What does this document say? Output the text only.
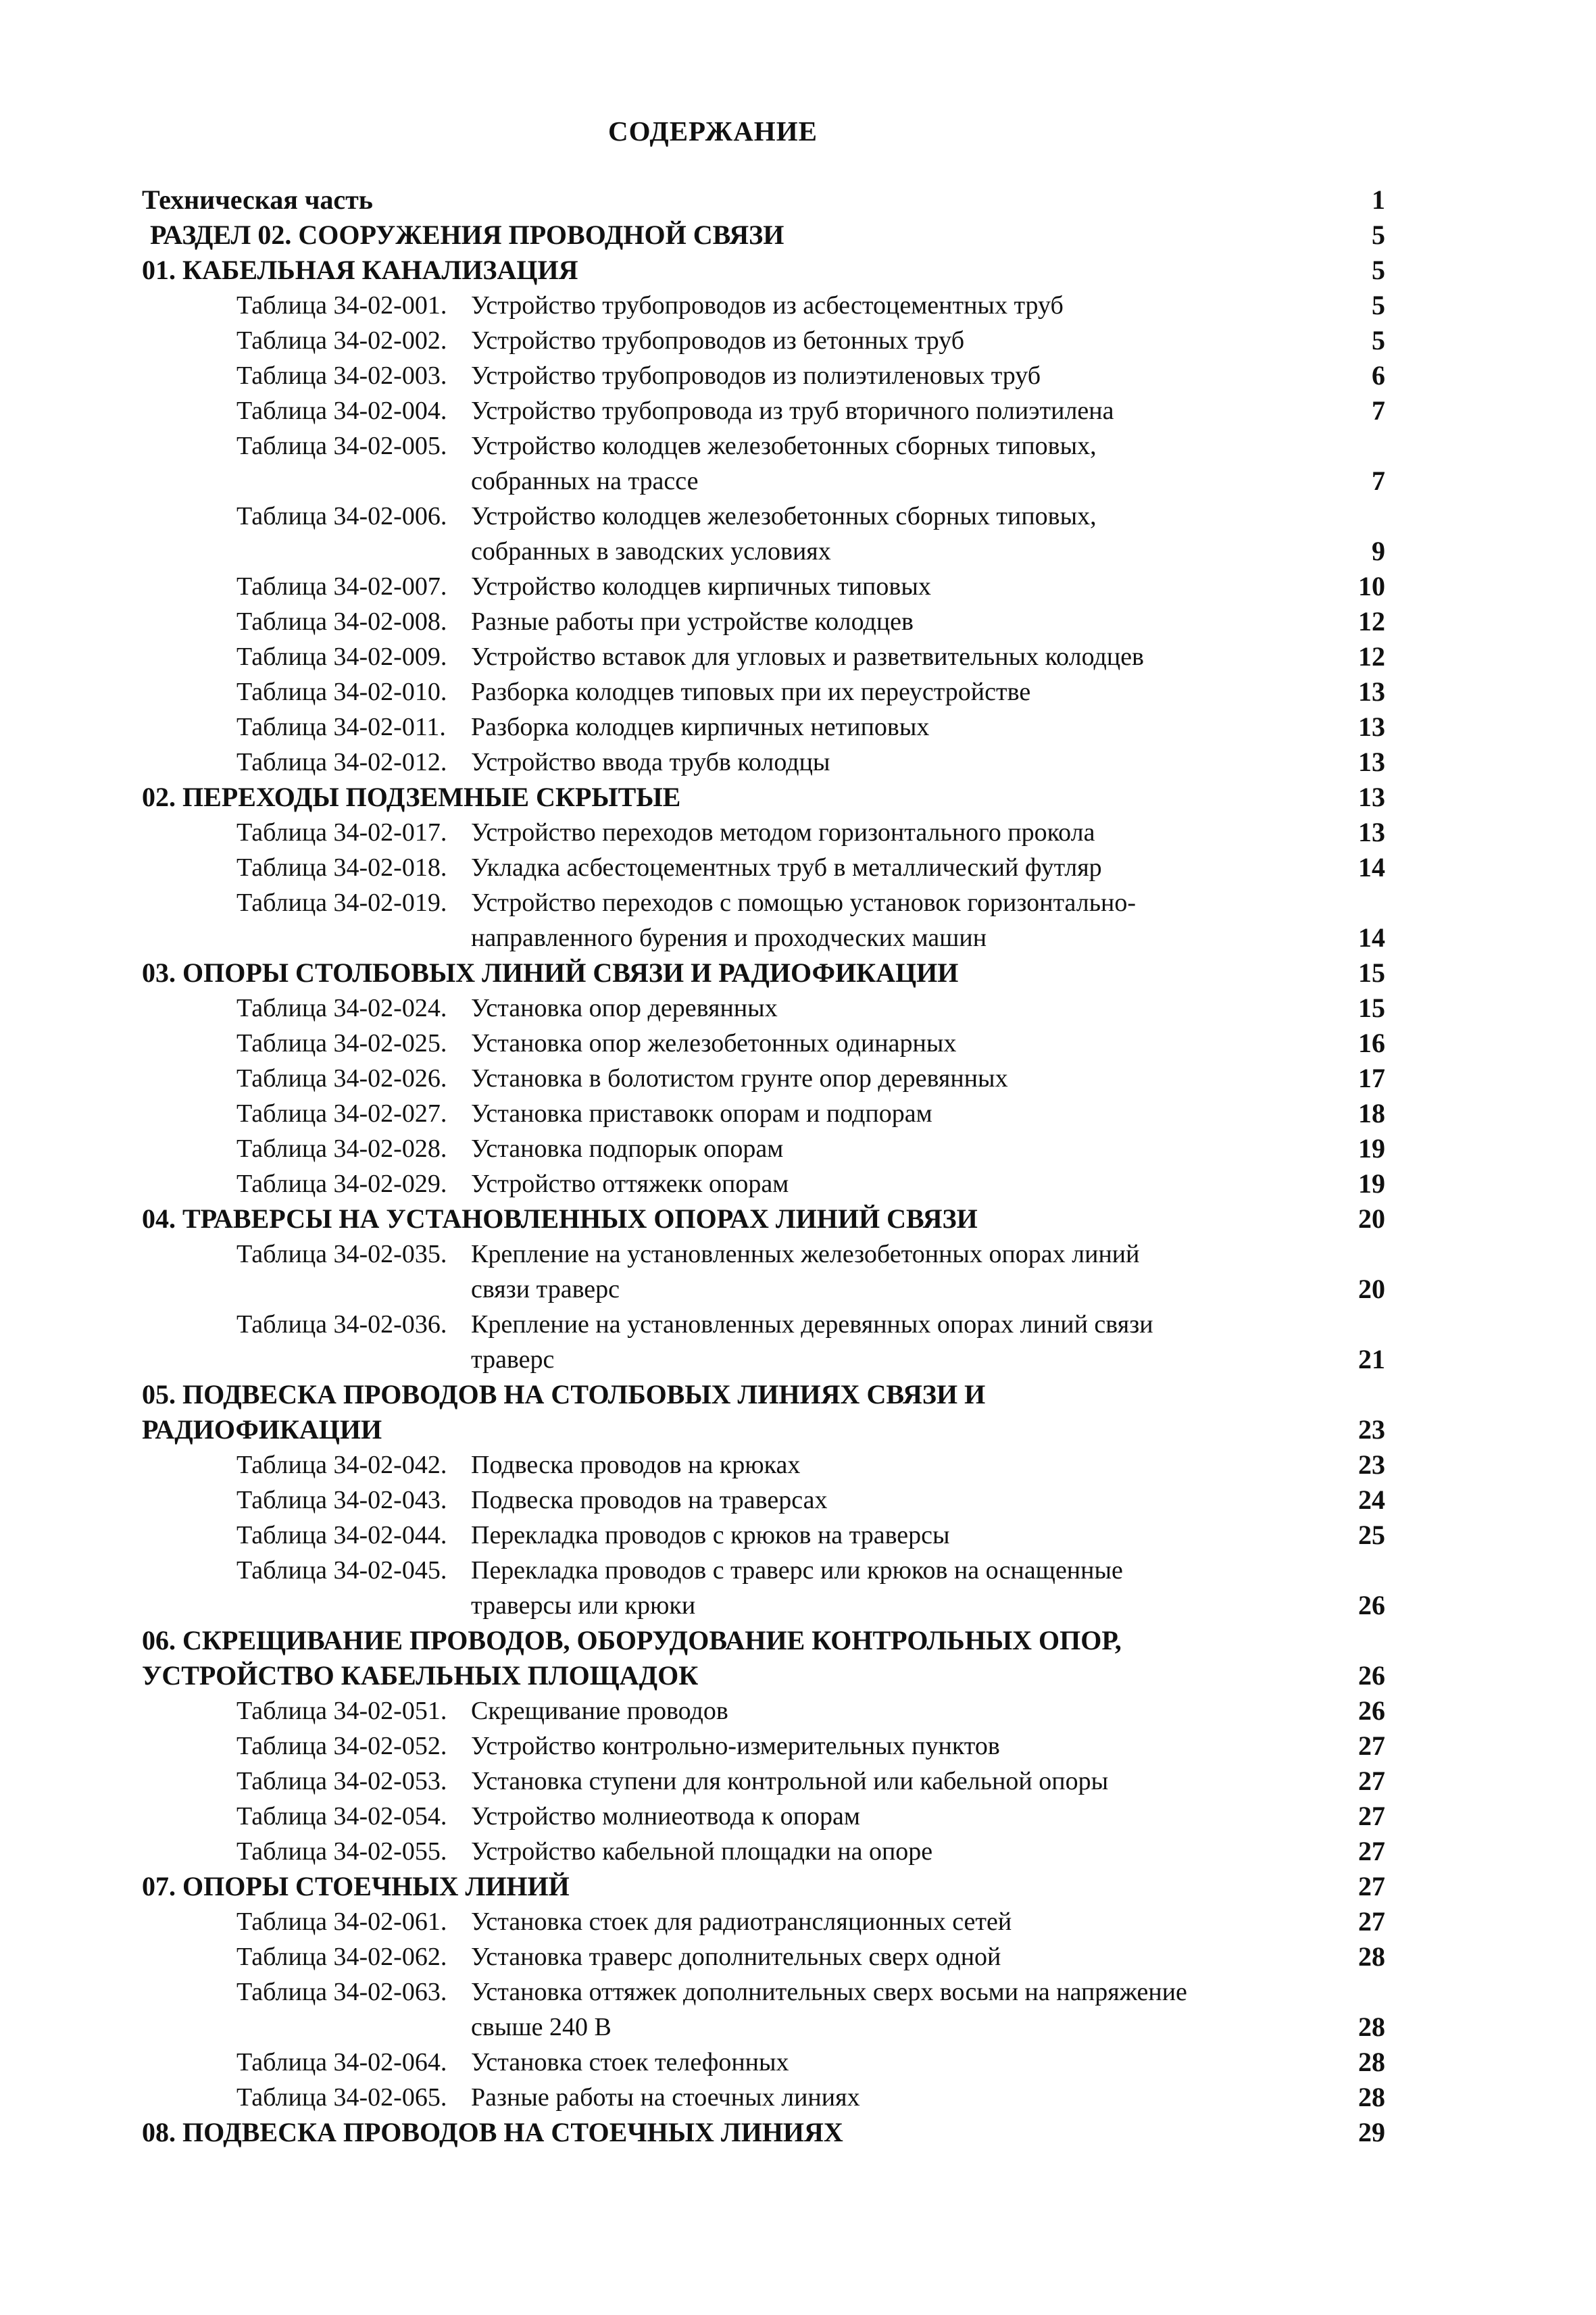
СОДЕРЖАНИЕ
Техническая часть	1
РАЗДЕЛ 02. СООРУЖЕНИЯ ПРОВОДНОЙ СВЯЗИ	5
01. КАБЕЛЬНАЯ КАНАЛИЗАЦИЯ	5
Таблица 34-02-001. Устройство трубопроводов из асбестоцементных труб	5
Таблица 34-02-002. Устройство трубопроводов из бетонных труб	5
Таблица 34-02-003. Устройство трубопроводов из полиэтиленовых труб	6
Таблица 34-02-004. Устройство трубопровода из труб вторичного полиэтилена	7
Таблица 34-02-005. Устройство колодцев железобетонных сборных типовых,
собранных на трассе	7
Таблица 34-02-006. Устройство колодцев железобетонных сборных типовых,
собранных в заводских условиях	9
Таблица 34-02-007. Устройство колодцев кирпичных типовых	10
Таблица 34-02-008. Разные работы при устройстве колодцев	12
Таблица 34-02-009. Устройство вставок для угловых и разветвительных колодцев	12
Таблица 34-02-010. Разборка колодцев типовых при их переустройстве	13
Таблица 34-02-011. Разборка колодцев кирпичных нетиповых	13
Таблица 34-02-012. Устройство ввода трубв колодцы	13
02. ПЕРЕХОДЫ ПОДЗЕМНЫЕ СКРЫТЫЕ	13
Таблица 34-02-017. Устройство переходов методом горизонтального прокола	13
Таблица 34-02-018. Укладка асбестоцементных труб в металлический футляр	14
Таблица 34-02-019. Устройство переходов с помощью установок горизонтально-
направленного бурения и проходческих машин	14
03. ОПОРЫ СТОЛБОВЫХ ЛИНИЙ СВЯЗИ И РАДИОФИКАЦИИ	15
Таблица 34-02-024. Установка опор деревянных	15
Таблица 34-02-025. Установка опор железобетонных одинарных	16
Таблица 34-02-026. Установка в болотистом грунте опор деревянных	17
Таблица 34-02-027. Установка приставокк опорам и подпорам	18
Таблица 34-02-028. Установка подпорык опорам	19
Таблица 34-02-029. Устройство оттяжекк опорам	19
04. ТРАВЕРСЫ НА УСТАНОВЛЕННЫХ ОПОРАХ ЛИНИЙ СВЯЗИ	20
Таблица 34-02-035. Крепление на установленных железобетонных опорах линий
связи траверс	20
Таблица 34-02-036. Крепление на установленных деревянных опорах линий связи
траверс	21
05. ПОДВЕСКА ПРОВОДОВ НА СТОЛБОВЫХ ЛИНИЯХ СВЯЗИ И
РАДИОФИКАЦИИ	23
Таблица 34-02-042. Подвеска проводов на крюках	23
Таблица 34-02-043. Подвеска проводов на траверсах	24
Таблица 34-02-044. Перекладка проводов с крюков на траверсы	25
Таблица 34-02-045. Перекладка проводов с траверс или крюков на оснащенные
траверсы или крюки	26
06. СКРЕЩИВАНИЕ ПРОВОДОВ, ОБОРУДОВАНИЕ КОНТРОЛЬНЫХ ОПОР,
УСТРОЙСТВО КАБЕЛЬНЫХ ПЛОЩАДОК	26
Таблица 34-02-051. Скрещивание проводов	26
Таблица 34-02-052. Устройство контрольно-измерительных пунктов	27
Таблица 34-02-053. Установка ступени для контрольной или кабельной опоры	27
Таблица 34-02-054. Устройство молниеотвода к опорам	27
Таблица 34-02-055. Устройство кабельной площадки на опоре	27
07. ОПОРЫ СТОЕЧНЫХ ЛИНИЙ	27
Таблица 34-02-061. Установка стоек для радиотрансляционных сетей	27
Таблица 34-02-062. Установка траверс дополнительных сверх одной	28
Таблица 34-02-063. Установка оттяжек дополнительных сверх восьми на напряжение
свыше 240 В	28
Таблица 34-02-064. Установка стоек телефонных	28
Таблица 34-02-065. Разные работы на стоечных линиях	28
08. ПОДВЕСКА ПРОВОДОВ НА СТОЕЧНЫХ ЛИНИЯХ	29
